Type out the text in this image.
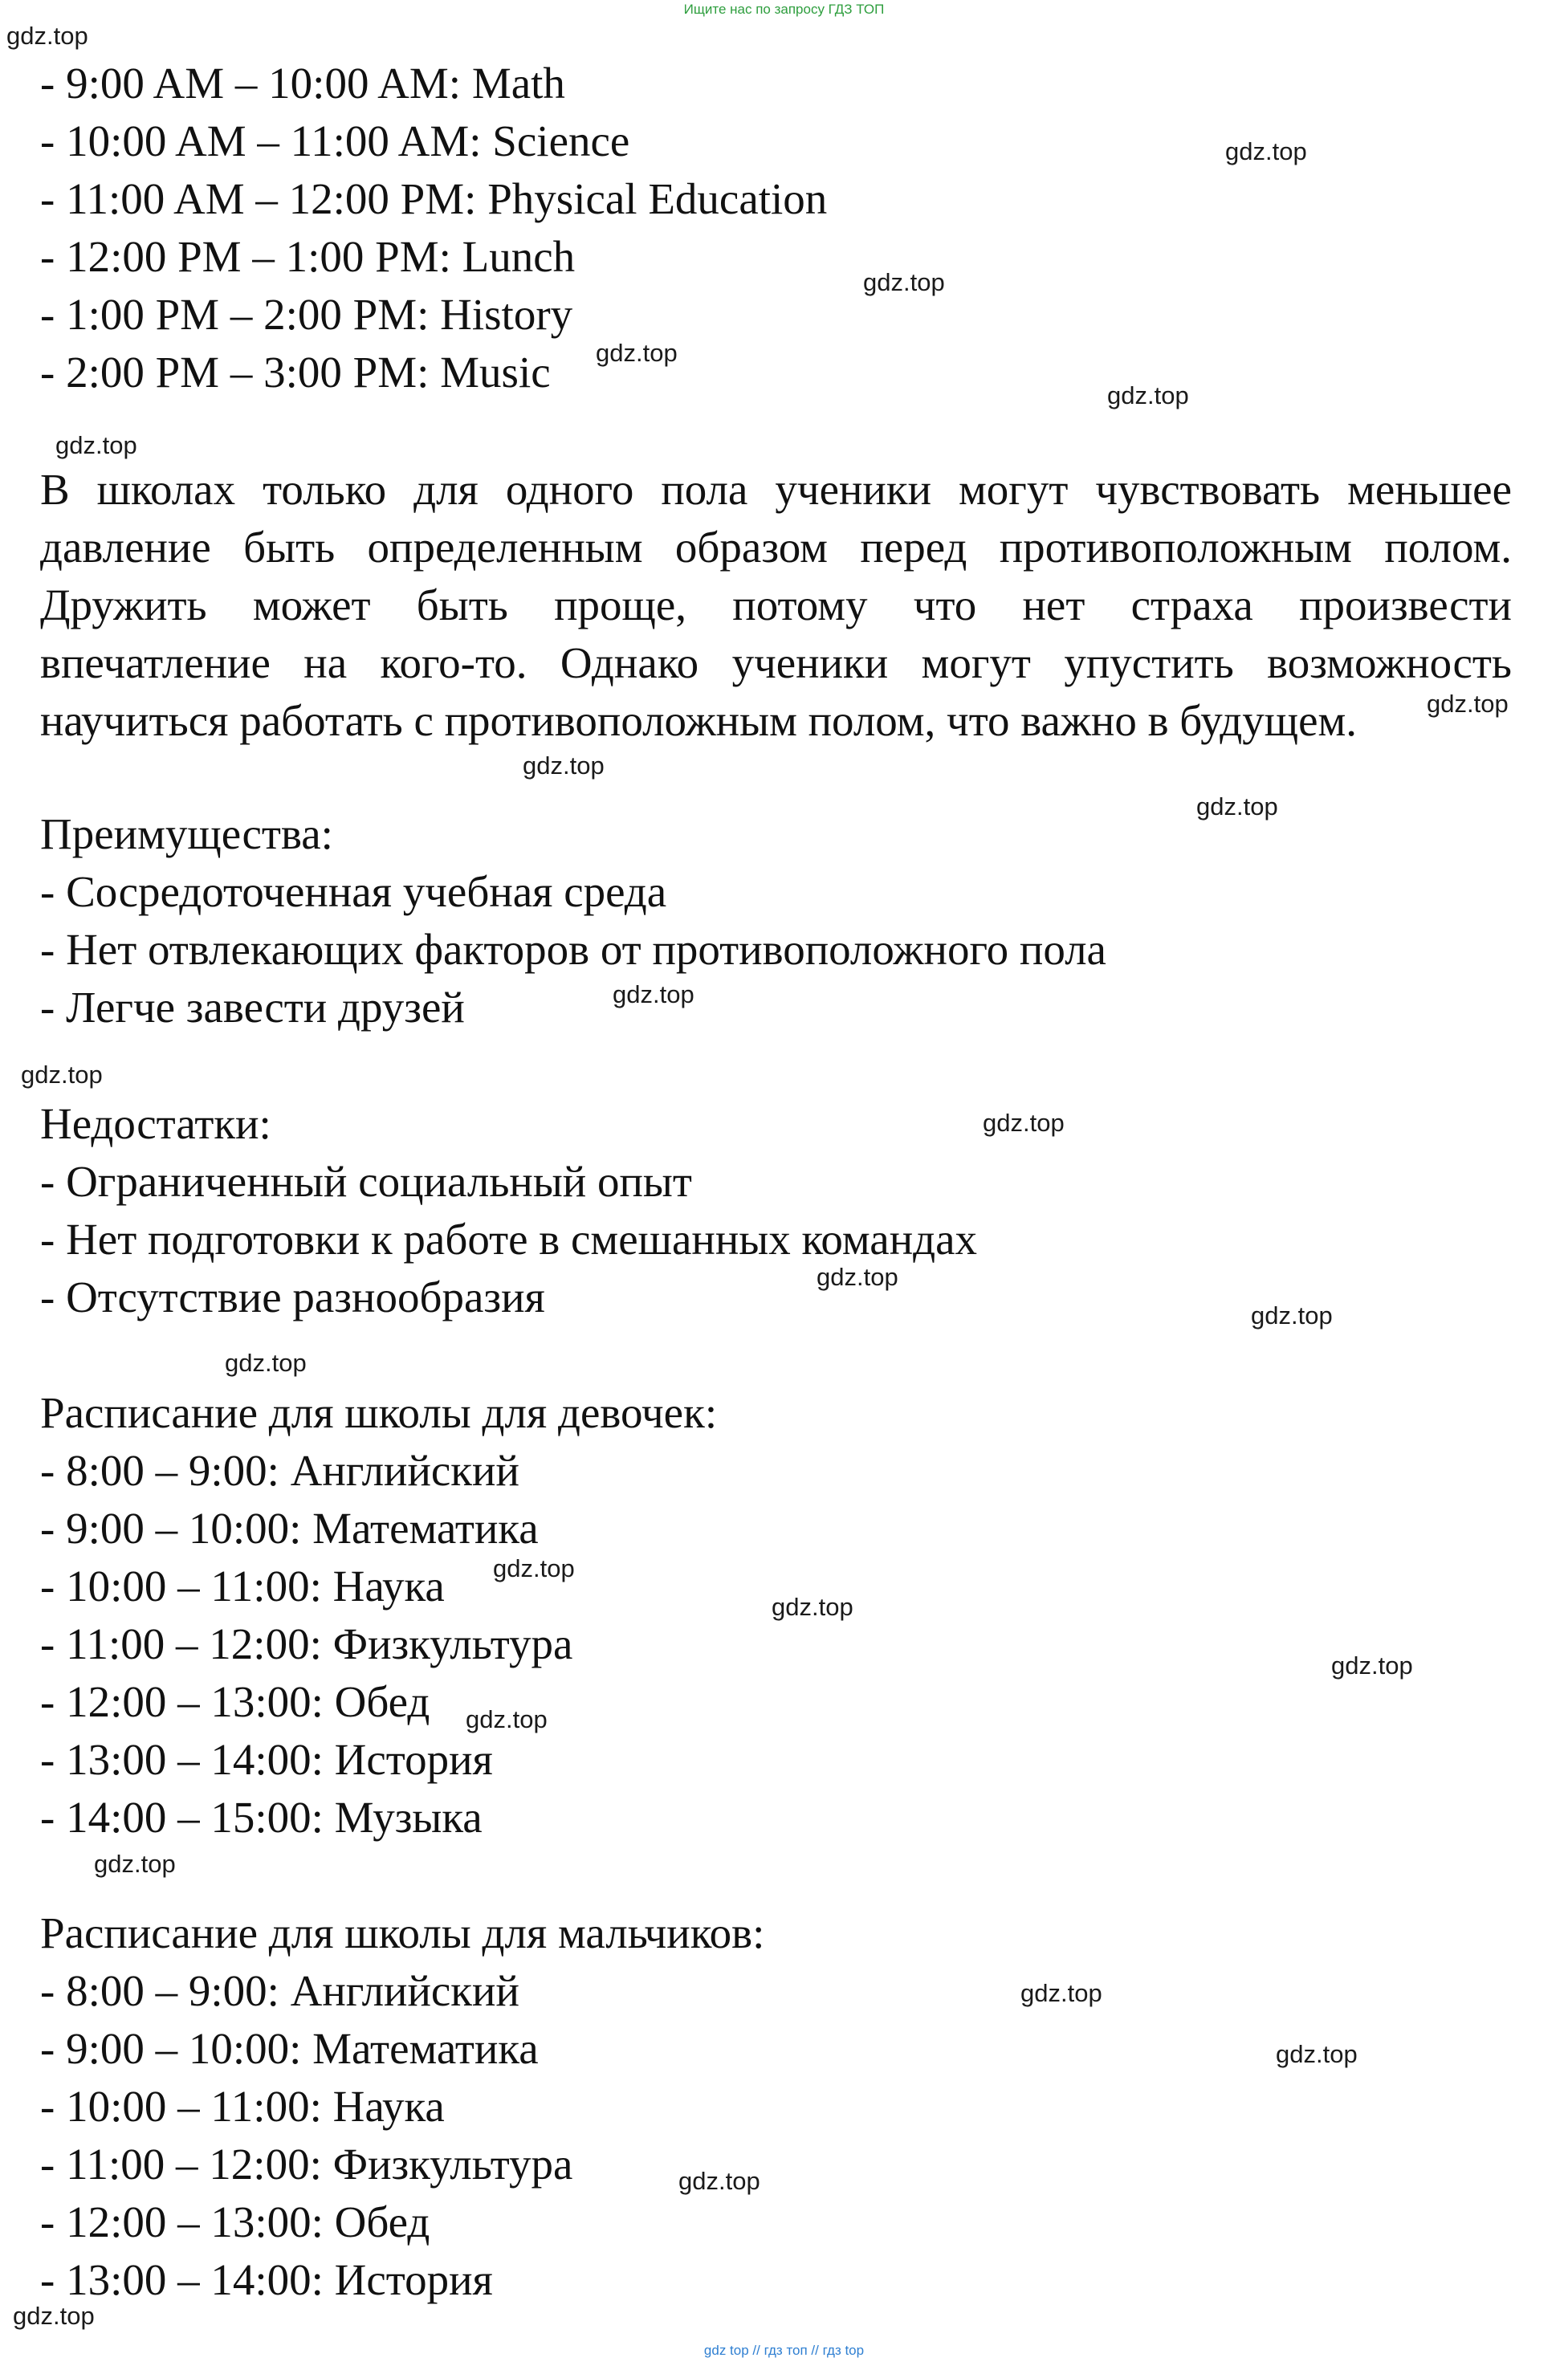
Ищите нас по запросу ГДЗ ТОП
- 9:00 AM – 10:00 AM: Math
- 10:00 AM – 11:00 AM: Science
- 11:00 AM – 12:00 PM: Physical Education
- 12:00 PM – 1:00 PM: Lunch
- 1:00 PM – 2:00 PM: History
- 2:00 PM – 3:00 PM: Music
В школах только для одного пола ученики могут чувствовать меньшее
давление быть определенным образом перед противоположным полом.
Дружить может быть проще, потому что нет страха произвести
впечатление на кого-то. Однако ученики могут упустить возможность
научиться работать с противоположным полом, что важно в будущем.
Преимущества:
- Сосредоточенная учебная среда
- Нет отвлекающих факторов от противоположного пола
- Легче завести друзей
Недостатки:
- Ограниченный социальный опыт
- Нет подготовки к работе в смешанных командах
- Отсутствие разнообразия
Расписание для школы для девочек:
- 8:00 – 9:00: Английский
- 9:00 – 10:00: Математика
- 10:00 – 11:00: Наука
- 11:00 – 12:00: Физкультура
- 12:00 – 13:00: Обед
- 13:00 – 14:00: История
- 14:00 – 15:00: Музыка
Расписание для школы для мальчиков:
- 8:00 – 9:00: Английский
- 9:00 – 10:00: Математика
- 10:00 – 11:00: Наука
- 11:00 – 12:00: Физкультура
- 12:00 – 13:00: Обед
- 13:00 – 14:00: История
gdz.top
gdz.top
gdz.top
gdz.top
gdz.top
gdz.top
gdz.top
gdz.top
gdz.top
gdz.top
gdz.top
gdz.top
gdz.top
gdz.top
gdz.top
gdz.top
gdz.top
gdz.top
gdz.top
gdz.top
gdz.top
gdz.top
gdz.top
gdz.top
gdz top // гдз топ // гдз top
